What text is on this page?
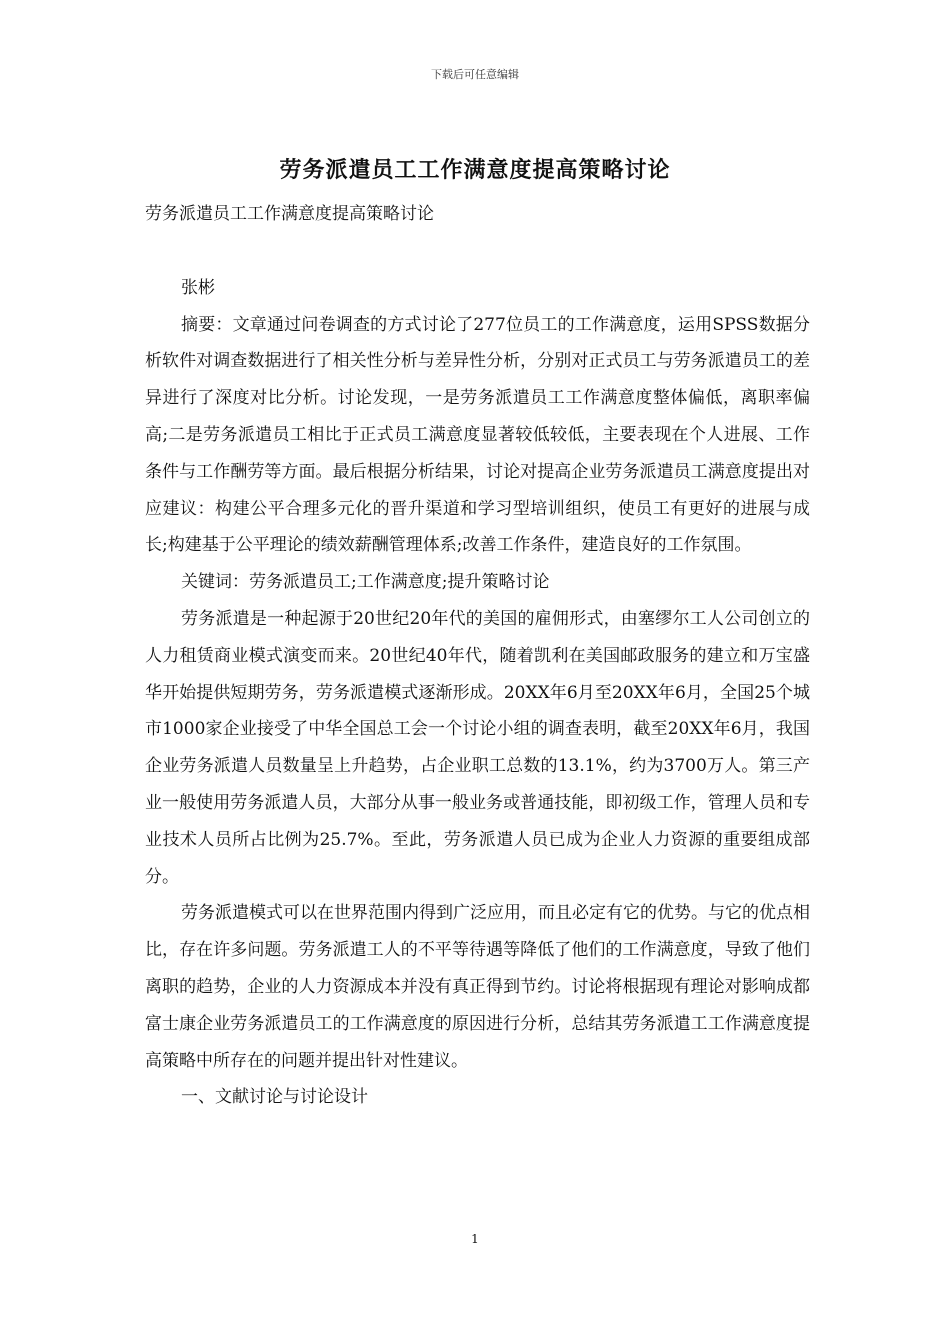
下载后可任意编辑
劳务派遣员工工作满意度提高策略讨论

劳务派遣员工工作满意度提高策略讨论

张彬

摘要：文章通过问卷调查的方式讨论了277位员工的工作满意度，运用SPSS数据分析软件对调查数据进行了相关性分析与差异性分析，分别对正式员工与劳务派遣员工的差异进行了深度对比分析。讨论发现，一是劳务派遣员工工作满意度整体偏低，离职率偏高;二是劳务派遣员工相比于正式员工满意度显著较低较低，主要表现在个人进展、工作条件与工作酬劳等方面。最后根据分析结果，讨论对提高企业劳务派遣员工满意度提出对应建议：构建公平合理多元化的晋升渠道和学习型培训组织，使员工有更好的进展与成长;构建基于公平理论的绩效薪酬管理体系;改善工作条件，建造良好的工作氛围。

关键词：劳务派遣员工;工作满意度;提升策略讨论

劳务派遣是一种起源于20世纪20年代的美国的雇佣形式，由塞缪尔工人公司创立的人力租赁商业模式演变而来。20世纪40年代，随着凯利在美国邮政服务的建立和万宝盛华开始提供短期劳务，劳务派遣模式逐渐形成。20XX年6月至20XX年6月，全国25个城市1000家企业接受了中华全国总工会一个讨论小组的调查表明，截至20XX年6月，我国企业劳务派遣人员数量呈上升趋势，占企业职工总数的13.1%，约为3700万人。第三产业一般使用劳务派遣人员，大部分从事一般业务或普通技能，即初级工作，管理人员和专业技术人员所占比例为25.7%。至此，劳务派遣人员已成为企业人力资源的重要组成部分。

劳务派遣模式可以在世界范围内得到广泛应用，而且必定有它的优势。与它的优点相比，存在许多问题。劳务派遣工人的不平等待遇等降低了他们的工作满意度，导致了他们离职的趋势，企业的人力资源成本并没有真正得到节约。讨论将根据现有理论对影响成都富士康企业劳务派遣员工的工作满意度的原因进行分析，总结其劳务派遣工工作满意度提高策略中所存在的问题并提出针对性建议。

一、文献讨论与讨论设计

1
